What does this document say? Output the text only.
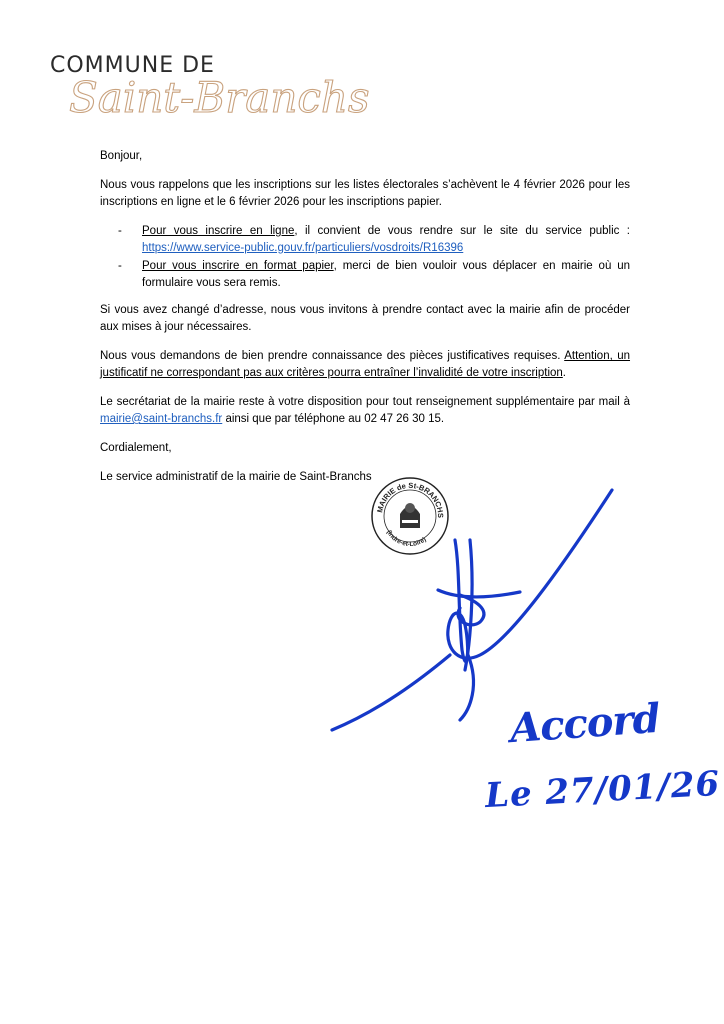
COMMUNE DE
Saint-Branchs

Bonjour,

Nous vous rappelons que les inscriptions sur les listes électorales s’achèvent le 4 février 2026 pour les inscriptions en ligne et le 6 février 2026 pour les inscriptions papier.

- Pour vous inscrire en ligne, il convient de vous rendre sur le site du service public : https://www.service-public.gouv.fr/particuliers/vosdroits/R16396
- Pour vous inscrire en format papier, merci de bien vouloir vous déplacer en mairie où un formulaire vous sera remis.

Si vous avez changé d’adresse, nous vous invitons à prendre contact avec la mairie afin de procéder aux mises à jour nécessaires.

Nous vous demandons de bien prendre connaissance des pièces justificatives requises. Attention, un justificatif ne correspondant pas aux critères pourra entraîner l’invalidité de votre inscription.

Le secrétariat de la mairie reste à votre disposition pour tout renseignement supplémentaire par mail à mairie@saint-branchs.fr ainsi que par téléphone au 02 47 26 30 15.

Cordialement,

Le service administratif de la mairie de Saint-Branchs

MAIRIE de St-BRANCHS
(Indre-et-Loire)
Accord
Le 27/01/26
